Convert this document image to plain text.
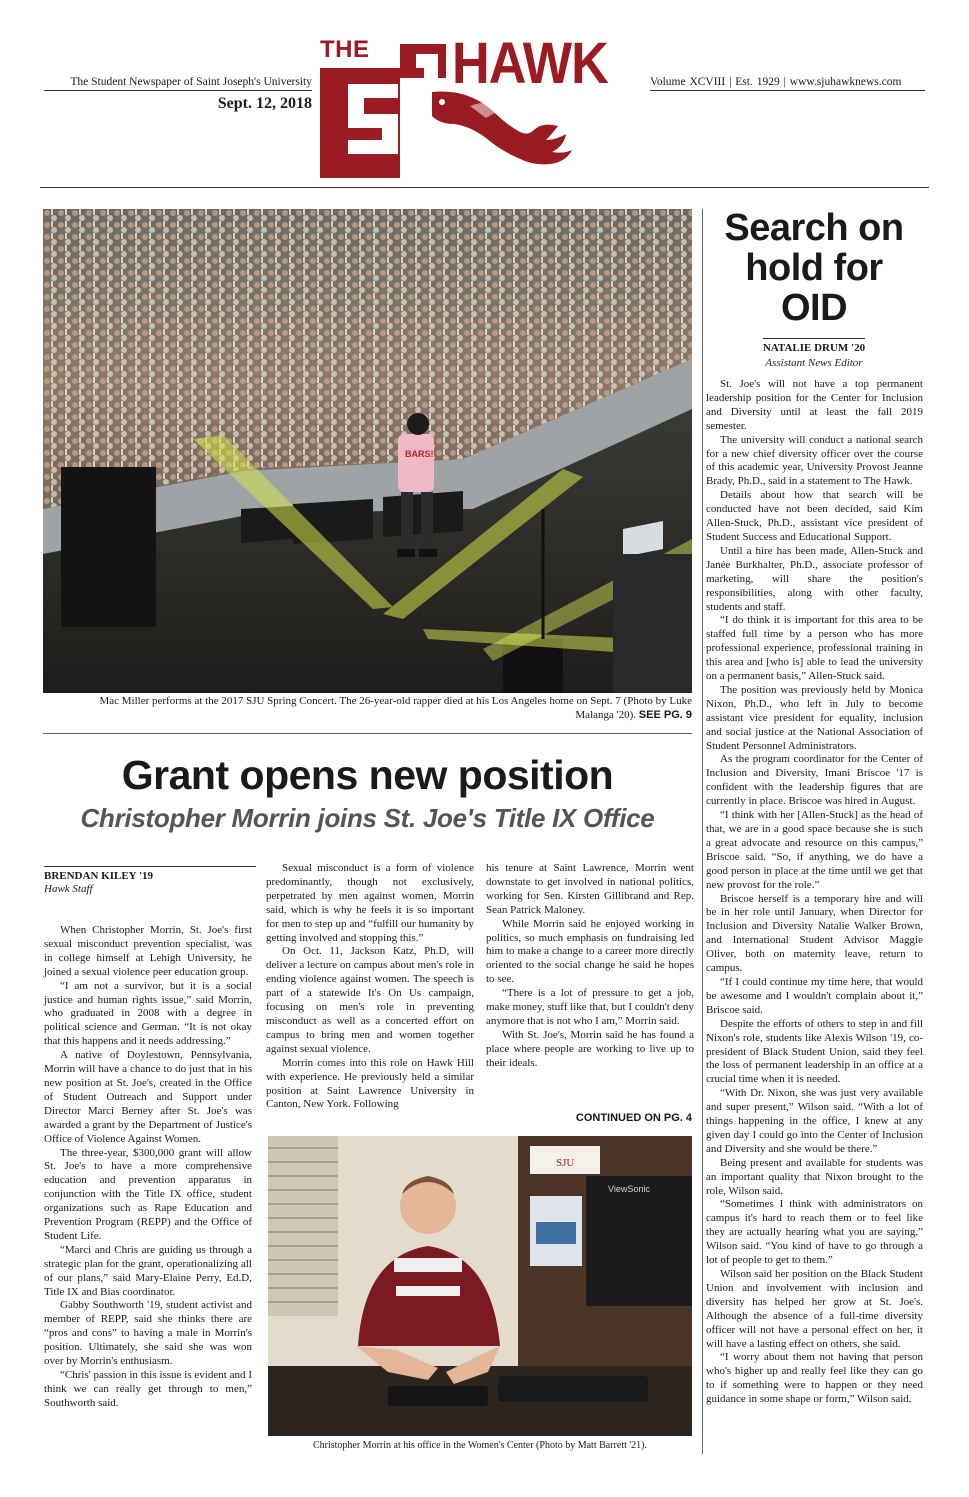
The Student Newspaper of Saint Joseph's University
Sept. 12, 2018
THE HAWK	Volume XCVIII | Est. 1929 | www.sjuhawknews.com
BARS!
Mac Miller performs at the 2017 SJU Spring Concert. The 26-year-old rapper died at his Los Angeles home on Sept. 7 (Photo by Luke Malanga '20). SEE PG. 9
Search on hold for OID
NATALIE DRUM '20
Assistant News Editor

St. Joe's will not have a top permanent leadership position for the Center for Inclusion and Diversity until at least the fall 2019 semester.

The university will conduct a national search for a new chief diversity officer over the course of this academic year, University Provost Jeanne Brady, Ph.D., said in a statement to The Hawk.

Details about how that search will be conducted have not been decided, said Kim Allen-Stuck, Ph.D., assistant vice president of Student Success and Educational Support.

Until a hire has been made, Allen-Stuck and Janée Burkhalter, Ph.D., associate professor of marketing, will share the position's responsibilities, along with other faculty, students and staff.

“I do think it is important for this area to be staffed full time by a person who has more professional experience, professional training in this area and [who is] able to lead the university on a permanent basis,” Allen-Stuck said.

The position was previously held by Monica Nixon, Ph.D., who left in July to become assistant vice president for equality, inclusion and social justice at the National Association of Student Personnel Administrators.

As the program coordinator for the Center of Inclusion and Diversity, Imani Briscoe '17 is confident with the leadership figures that are currently in place. Briscoe was hired in August.

“I think with her [Allen-Stuck] as the head of that, we are in a good space because she is such a great advocate and resource on this campus,” Briscoe said. “So, if anything, we do have a good person in place at the time until we get that new provost for the role.”

Briscoe herself is a temporary hire and will be in her role until January, when Director for Inclusion and Diversity Natalie Walker Brown, and International Student Advisor Maggie Oliver, both on maternity leave, return to campus.

“If I could continue my time here, that would be awesome and I wouldn't complain about it,” Briscoe said.

Despite the efforts of others to step in and fill Nixon's role, students like Alexis Wilson '19, co-president of Black Student Union, said they feel the loss of permanent leadership in an office at a crucial time when it is needed.

“With Dr. Nixon, she was just very available and super present,” Wilson said. “With a lot of things happening in the office, I knew at any given day I could go into the Center of Inclusion and Diversity and she would be there.”

Being present and available for students was an important quality that Nixon brought to the role, Wilson said.

“Sometimes I think with administrators on campus it's hard to reach them or to feel like they are actually hearing what you are saying,” Wilson said. “You kind of have to go through a lot of people to get to them.”

Wilson said her position on the Black Student Union and involvement with inclusion and diversity has helped her grow at St. Joe's. Although the absence of a full-time diversity officer will not have a personal effect on her, it will have a lasting effect on others, she said.

“I worry about them not having that person who's higher up and really feel like they can go to if something were to happen or they need guidance in some shape or form,” Wilson said.

Grant opens new position
Christopher Morrin joins St. Joe's Title IX Office
BRENDAN KILEY '19
Hawk Staff

When Christopher Morrin, St. Joe's first sexual misconduct prevention specialist, was in college himself at Lehigh University, he joined a sexual violence peer education group.

“I am not a survivor, but it is a social justice and human rights issue,” said Morrin, who graduated in 2008 with a degree in political science and German. “It is not okay that this happens and it needs addressing.”

A native of Doylestown, Pennsylvania, Morrin will have a chance to do just that in his new position at St. Joe's, created in the Office of Student Outreach and Support under Director Marci Berney after St. Joe's was awarded a grant by the Department of Justice's Office of Violence Against Women.

The three-year, $300,000 grant will allow St. Joe's to have a more comprehensive education and prevention apparatus in conjunction with the Title IX office, student organizations such as Rape Education and Prevention Program (REPP) and the Office of Student Life.

“Marci and Chris are guiding us through a strategic plan for the grant, operationalizing all of our plans,” said Mary-Elaine Perry, Ed.D, Title IX and Bias coordinator.

Gabby Southworth '19, student activist and member of REPP, said she thinks there are “pros and cons” to having a male in Morrin's position. Ultimately, she said she was won over by Morrin's enthusiasm.

“Chris' passion in this issue is evident and I think we can really get through to men,” Southworth said.

Sexual misconduct is a form of violence predominantly, though not exclusively, perpetrated by men against women, Morrin said, which is why he feels it is so important for men to step up and “fulfill our humanity by getting involved and stopping this.”

On Oct. 11, Jackson Katz, Ph.D, will deliver a lecture on campus about men's role in ending violence against women. The speech is part of a statewide It's On Us campaign, focusing on men's role in preventing misconduct as well as a concerted effort on campus to bring men and women together against sexual violence.

Morrin comes into this role on Hawk Hill with experience. He previously held a similar position at Saint Lawrence University in Canton, New York. Following

his tenure at Saint Lawrence, Morrin went downstate to get involved in national politics, working for Sen. Kirsten Gillibrand and Rep. Sean Patrick Maloney.

While Morrin said he enjoyed working in politics, so much emphasis on fundraising led him to make a change to a career more directly oriented to the social change he said he hopes to see.

“There is a lot of pressure to get a job, make money, stuff like that, but I couldn't deny anymore that is not who I am,” Morrin said.

With St. Joe's, Morrin said he has found a place where people are working to live up to their ideals.

CONTINUED ON PG. 4
SJU
ViewSonic
Christopher Morrin at his office in the Women's Center (Photo by Matt Barrett '21).
